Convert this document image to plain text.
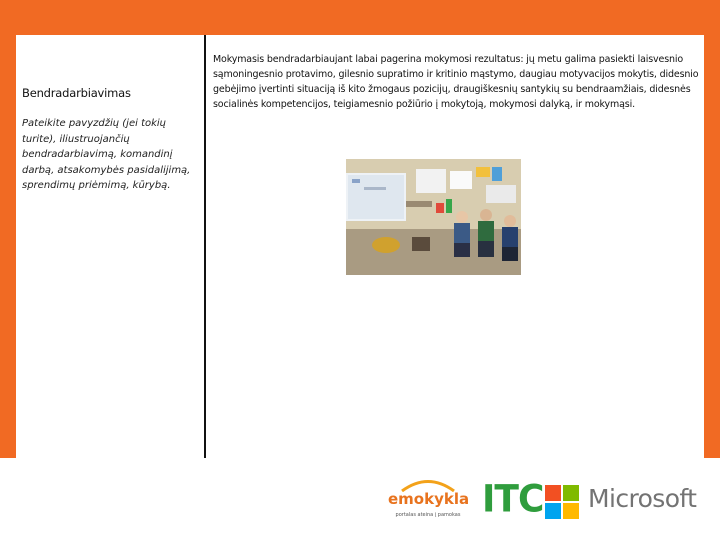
Bendradarbiavimas
Pateikite pavyzdžių (jei tokių turite), iliustruojančių bendradarbiavimą, komandinį darbą, atsakomybės pasidalijimą, sprendimų priėmimą, kūrybą.
Mokymasis bendradarbiaujant labai pagerina mokymosi rezultatus: jų metu galima pasiekti laisvesnio sąmoningesnio protavimo, gilesnio supratimo ir kritinio mąstymo, daugiau motyvacijos mokytis, didesnio gebėjimo įvertinti situaciją iš kito žmogaus pozicijų, draugiškesnių santykių su bendraamžiais, didesnės socialinės kompetencijos, teigiamesnio požiūrio į mokytoją, mokymosi dalyką, ir mokymąsi.
emokykla
portalas ateina į pamokas ITC Microsoft
